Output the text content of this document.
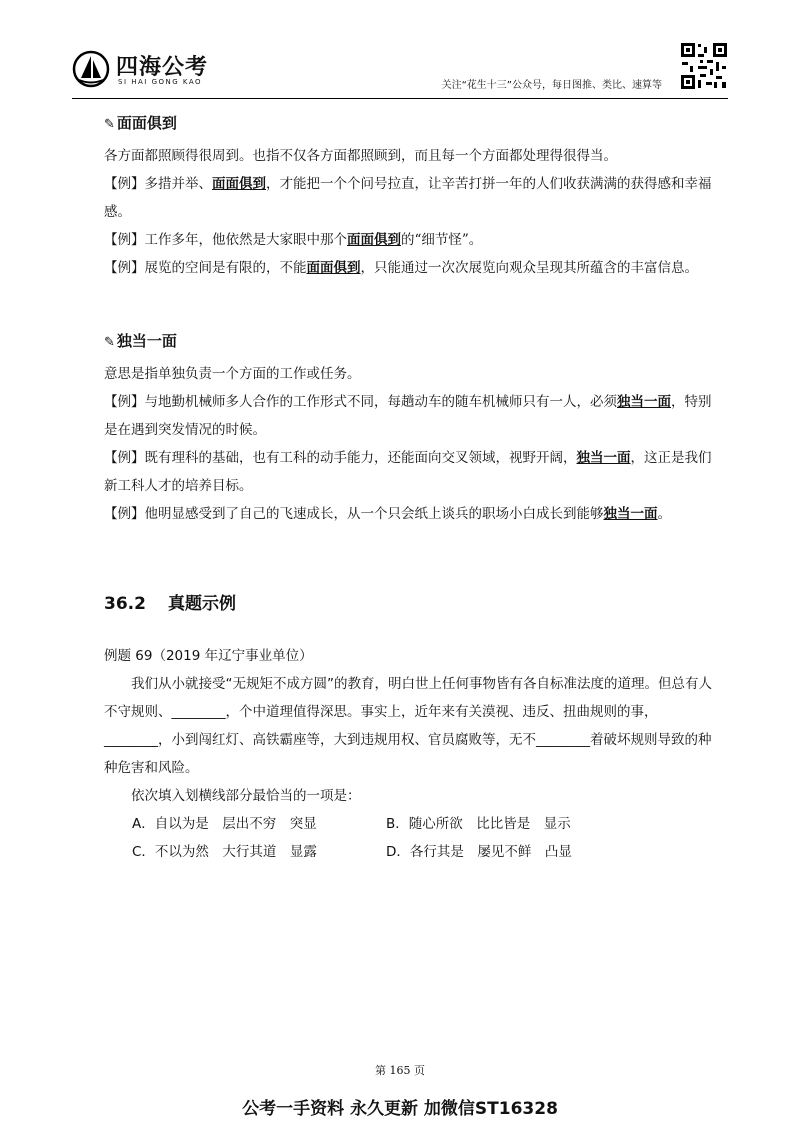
四海公考
SI HAI GONG KAO	关注“花生十三”公众号，每日图推、类比、速算等
✎ 面面俱到

各方面都照顾得很周到。也指不仅各方面都照顾到，而且每一个方面都处理得很得当。

【例】多措并举、面面俱到，才能把一个个问号拉直，让辛苦打拼一年的人们收获满满的获得感和幸福感。

【例】工作多年，他依然是大家眼中那个面面俱到的“细节怪”。

【例】展览的空间是有限的，不能面面俱到，只能通过一次次展览向观众呈现其所蕴含的丰富信息。

✎ 独当一面

意思是指单独负责一个方面的工作或任务。

【例】与地勤机械师多人合作的工作形式不同，每趟动车的随车机械师只有一人，必须独当一面，特别是在遇到突发情况的时候。

【例】既有理科的基础，也有工科的动手能力，还能面向交叉领域，视野开阔，独当一面，这正是我们新工科人才的培养目标。

【例】他明显感受到了自己的飞速成长，从一个只会纸上谈兵的职场小白成长到能够独当一面。

36.2 真题示例
例题 69（2019 年辽宁事业单位）

我们从小就接受“无规矩不成方圆”的教育，明白世上任何事物皆有各自标准法度的道理。但总有人不守规则、________，个中道理值得深思。事实上，近年来有关漠视、违反、扭曲规则的事，________，小到闯红灯、高铁霸座等，大到违规用权、官员腐败等，无不________着破坏规则导致的种种危害和风险。

依次填入划横线部分最恰当的一项是：

A．自以为是　层出不穷　突显	B．随心所欲　比比皆是　显示
C．不以为然　大行其道　显露	D．各行其是　屡见不鲜　凸显
第 165 页
公考一手资料 永久更新 加微信ST16328
